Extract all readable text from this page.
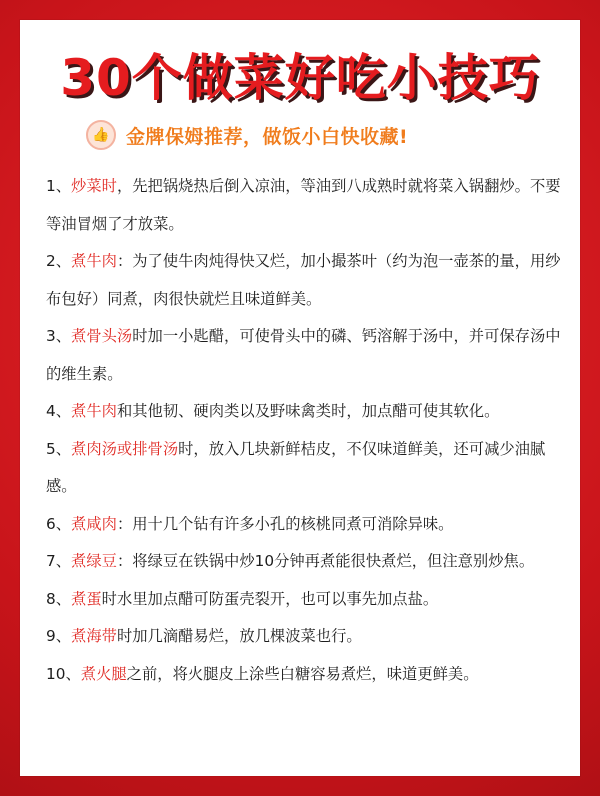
30个做菜好吃小技巧
👍 金牌保姆推荐，做饭小白快收藏!

1、炒菜时，先把锅烧热后倒入凉油，等油到八成熟时就将菜入锅翻炒。不要等油冒烟了才放菜。

2、煮牛肉：为了使牛肉炖得快又烂，加小撮茶叶（约为泡一壶茶的量，用纱布包好）同煮，肉很快就烂且味道鲜美。

3、煮骨头汤时加一小匙醋，可使骨头中的磷、钙溶解于汤中，并可保存汤中的维生素。

4、煮牛肉和其他韧、硬肉类以及野味禽类时，加点醋可使其软化。

5、煮肉汤或排骨汤时，放入几块新鲜桔皮，不仅味道鲜美，还可减少油腻感。

6、煮咸肉：用十几个钻有许多小孔的核桃同煮可消除异味。

7、煮绿豆：将绿豆在铁锅中炒10分钟再煮能很快煮烂，但注意别炒焦。

8、煮蛋时水里加点醋可防蛋壳裂开，也可以事先加点盐。

9、煮海带时加几滴醋易烂，放几棵波菜也行。

10、煮火腿之前，将火腿皮上涂些白糖容易煮烂，味道更鲜美。
